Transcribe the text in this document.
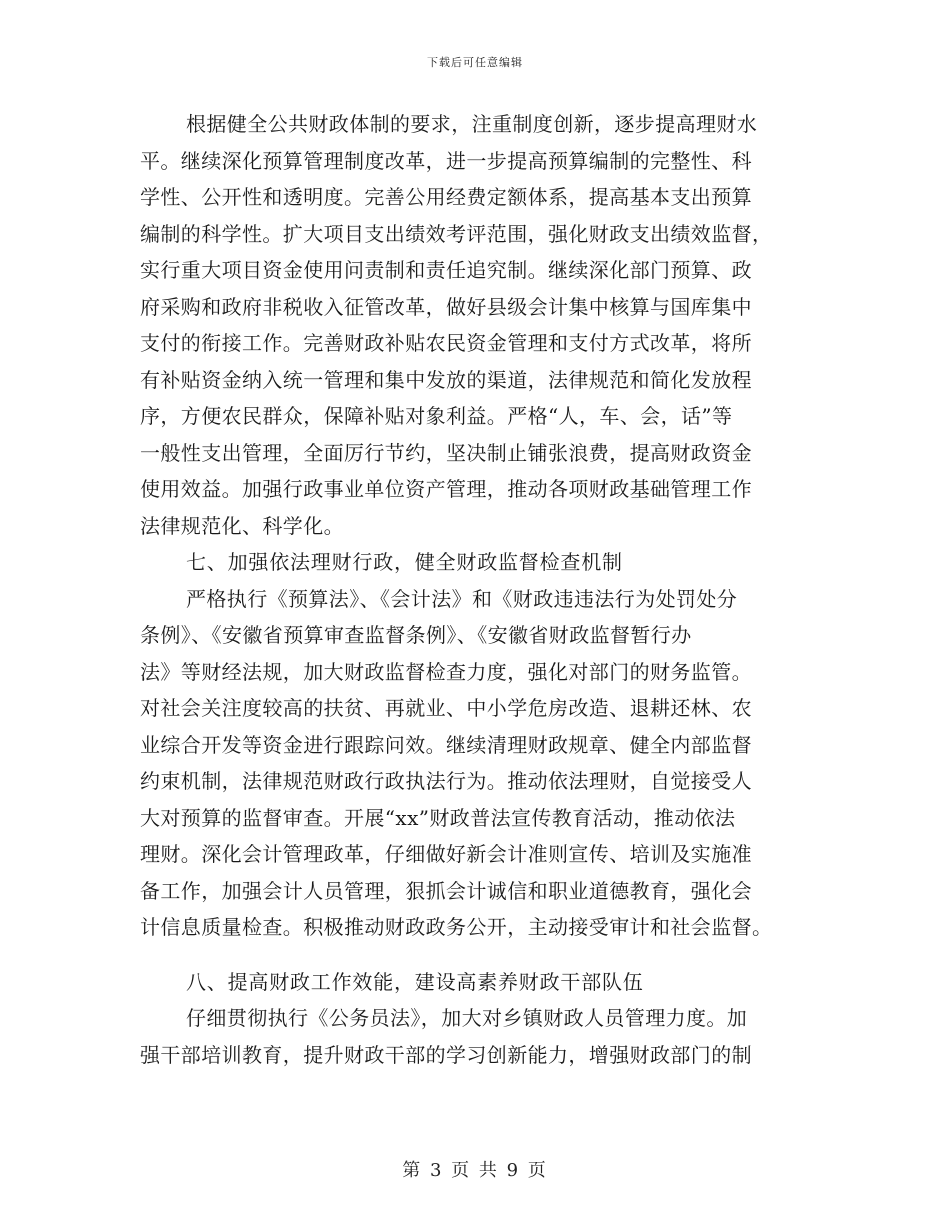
下载后可任意编辑
根据健全公共财政体制的要求，注重制度创新，逐步提高理财水
平。继续深化预算管理制度改革，进一步提高预算编制的完整性、科
学性、公开性和透明度。完善公用经费定额体系，提高基本支出预算
编制的科学性。扩大项目支出绩效考评范围，强化财政支出绩效监督，
实行重大项目资金使用问责制和责任追究制。继续深化部门预算、政
府采购和政府非税收入征管改革，做好县级会计集中核算与国库集中
支付的衔接工作。完善财政补贴农民资金管理和支付方式改革，将所
有补贴资金纳入统一管理和集中发放的渠道，法律规范和简化发放程
序，方便农民群众，保障补贴对象利益。严格“人，车、会，话”等
一般性支出管理，全面厉行节约，坚决制止铺张浪费，提高财政资金
使用效益。加强行政事业单位资产管理，推动各项财政基础管理工作
法律规范化、科学化。
七、加强依法理财行政，健全财政监督检查机制
严格执行《预算法》、《会计法》和《财政违违法行为处罚处分
条例》、《安徽省预算审查监督条例》、《安徽省财政监督暂行办
法》等财经法规，加大财政监督检查力度，强化对部门的财务监管。
对社会关注度较高的扶贫、再就业、中小学危房改造、退耕还林、农
业综合开发等资金进行跟踪问效。继续清理财政规章、健全内部监督
约束机制，法律规范财政行政执法行为。推动依法理财，自觉接受人
大对预算的监督审查。开展“xx”财政普法宣传教育活动，推动依法
理财。深化会计管理政革，仔细做好新会计准则宣传、培训及实施准
备工作，加强会计人员管理，狠抓会计诚信和职业道德教育，强化会
计信息质量检查。积极推动财政政务公开，主动接受审计和社会监督。
八、提高财政工作效能，建设高素养财政干部队伍
仔细贯彻执行《公务员法》，加大对乡镇财政人员管理力度。加
强干部培训教育，提升财政干部的学习创新能力，增强财政部门的制
第 3 页 共 9 页
